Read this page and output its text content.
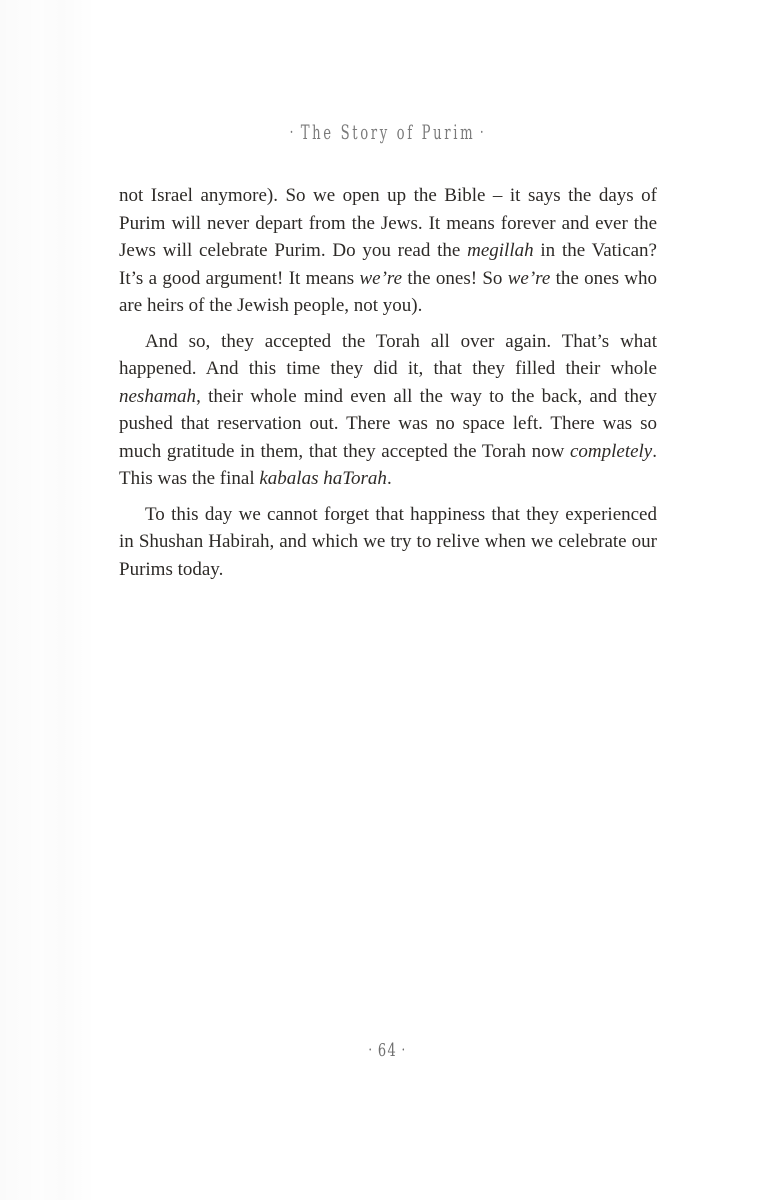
· The Story of Purim ·

not Israel anymore). So we open up the Bible – it says the days of Purim will never depart from the Jews. It means forever and ever the Jews will celebrate Purim. Do you read the megillah in the Vatican? It’s a good argument! It means we’re the ones! So we’re the ones who are heirs of the Jewish people, not you).

And so, they accepted the Torah all over again. That’s what happened. And this time they did it, that they filled their whole neshamah, their whole mind even all the way to the back, and they pushed that reservation out. There was no space left. There was so much gratitude in them, that they accepted the Torah now completely. This was the final kabalas haTorah.

To this day we cannot forget that happiness that they experienced in Shushan Habirah, and which we try to relive when we celebrate our Purims today.

· 64 ·
